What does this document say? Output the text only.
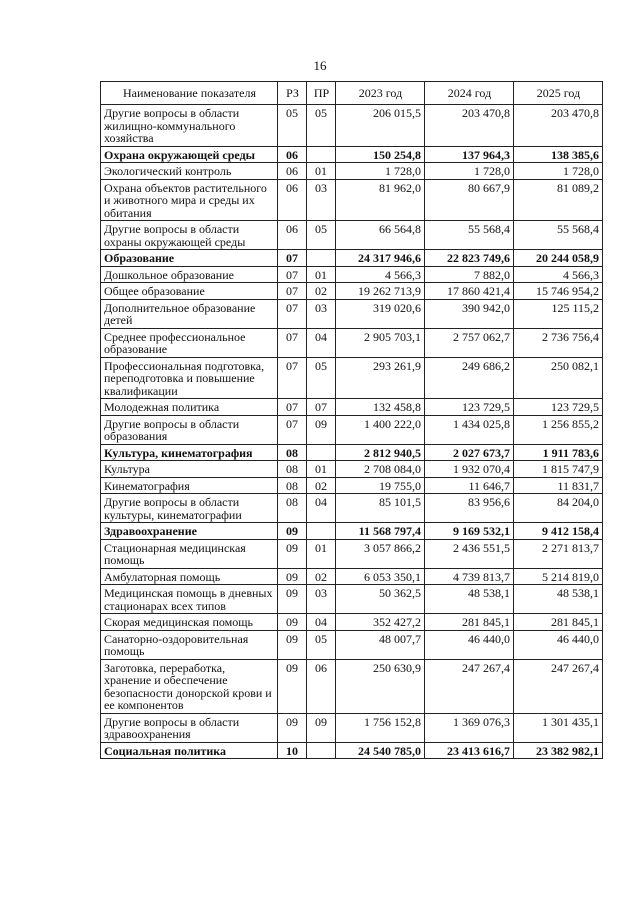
16
Наименование показателя	РЗ	ПР	2023 год	2024 год	2025 год
Другие вопросы в области жилищно-коммунального хозяйства	05	05	206 015,5	203 470,8	203 470,8
Охрана окружающей среды	06		150 254,8	137 964,3	138 385,6
Экологический контроль	06	01	1 728,0	1 728,0	1 728,0
Охрана объектов растительного и животного мира и среды их обитания	06	03	81 962,0	80 667,9	81 089,2
Другие вопросы в области охраны окружающей среды	06	05	66 564,8	55 568,4	55 568,4
Образование	07		24 317 946,6	22 823 749,6	20 244 058,9
Дошкольное образование	07	01	4 566,3	7 882,0	4 566,3
Общее образование	07	02	19 262 713,9	17 860 421,4	15 746 954,2
Дополнительное образование детей	07	03	319 020,6	390 942,0	125 115,2
Среднее профессиональное образование	07	04	2 905 703,1	2 757 062,7	2 736 756,4
Профессиональная подготовка, переподготовка и повышение квалификации	07	05	293 261,9	249 686,2	250 082,1
Молодежная политика	07	07	132 458,8	123 729,5	123 729,5
Другие вопросы в области образования	07	09	1 400 222,0	1 434 025,8	1 256 855,2
Культура, кинематография	08		2 812 940,5	2 027 673,7	1 911 783,6
Культура	08	01	2 708 084,0	1 932 070,4	1 815 747,9
Кинематография	08	02	19 755,0	11 646,7	11 831,7
Другие вопросы в области культуры, кинематографии	08	04	85 101,5	83 956,6	84 204,0
Здравоохранение	09		11 568 797,4	9 169 532,1	9 412 158,4
Стационарная медицинская помощь	09	01	3 057 866,2	2 436 551,5	2 271 813,7
Амбулаторная помощь	09	02	6 053 350,1	4 739 813,7	5 214 819,0
Медицинская помощь в дневных стационарах всех типов	09	03	50 362,5	48 538,1	48 538,1
Скорая медицинская помощь	09	04	352 427,2	281 845,1	281 845,1
Санаторно-оздоровительная помощь	09	05	48 007,7	46 440,0	46 440,0
Заготовка, переработка, хранение и обеспечение безопасности донорской крови и ее компонентов	09	06	250 630,9	247 267,4	247 267,4
Другие вопросы в области здравоохранения	09	09	1 756 152,8	1 369 076,3	1 301 435,1
Социальная политика	10		24 540 785,0	23 413 616,7	23 382 982,1
